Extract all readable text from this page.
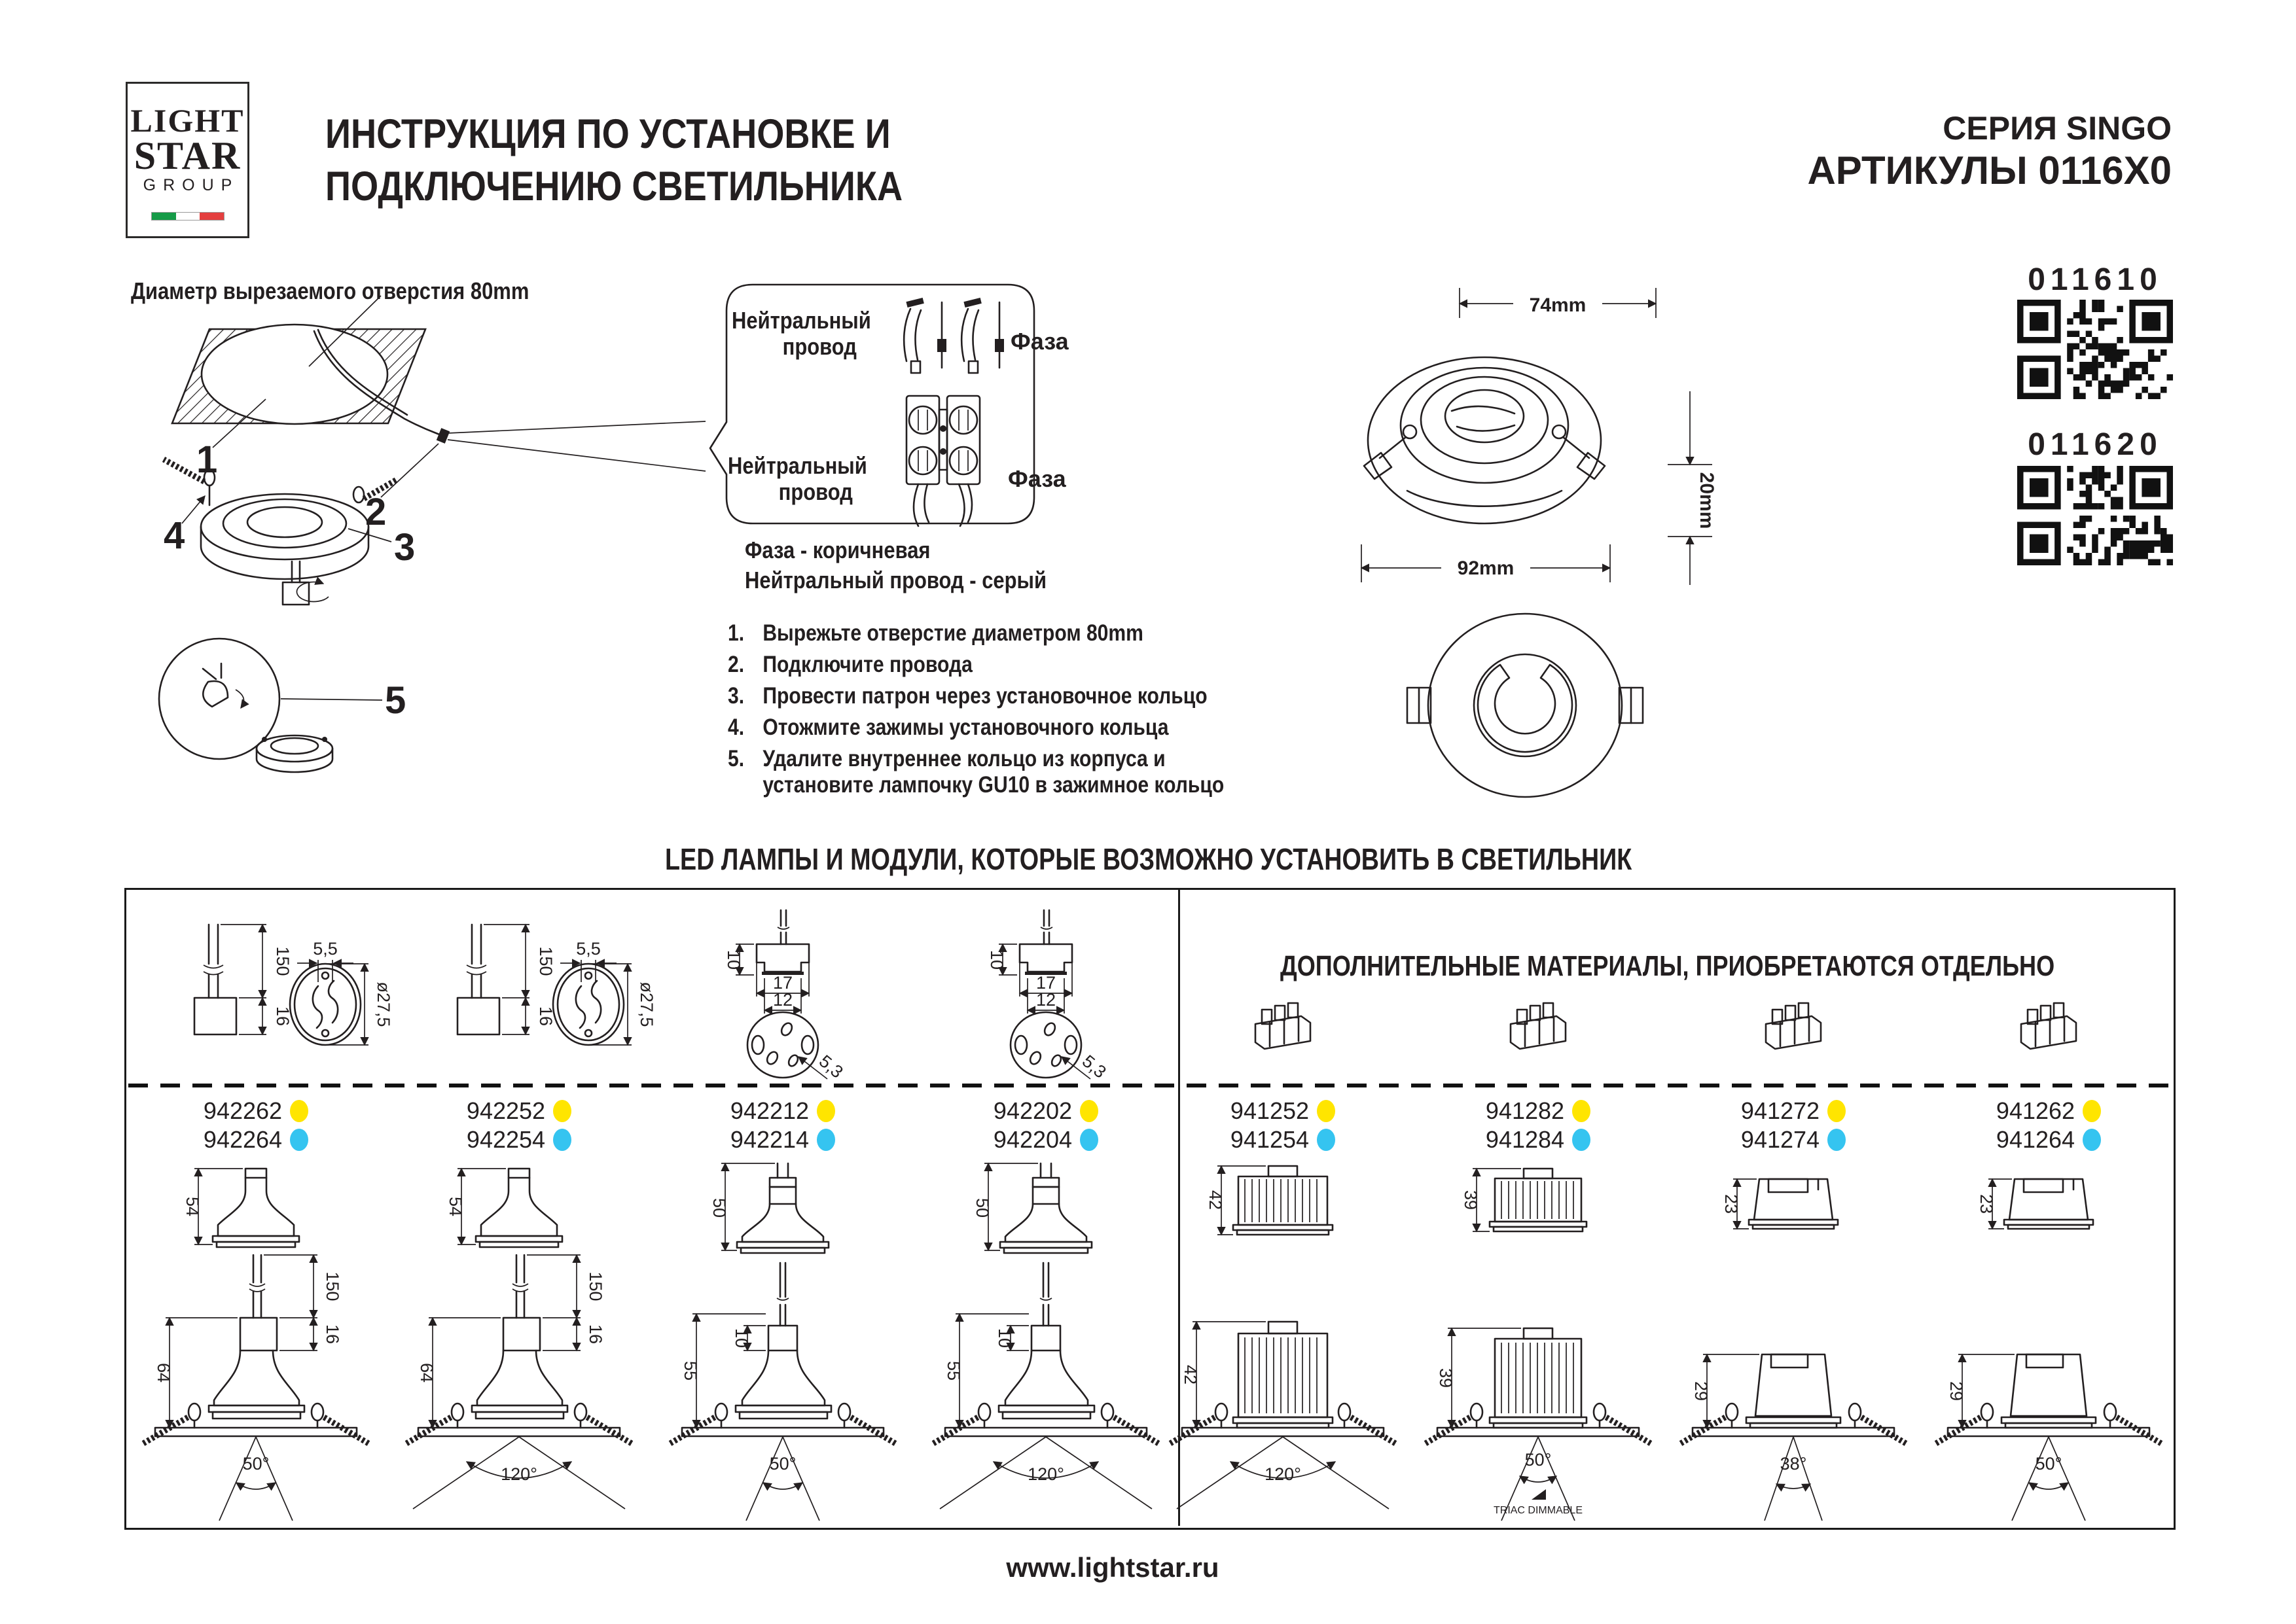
LIGHT
STAR
GROUP
ИНСТРУКЦИЯ ПО УСТАНОВКЕ И
ПОДКЛЮЧЕНИЮ СВЕТИЛЬНИКА
СЕРИЯ SINGO
АРТИКУЛЫ 0116X0
Диаметр вырезаемого отверстия 80mm
1
2
4	3
5
Нейтральный провод	Фаза
Нейтральный провод	Фаза
Фаза - коричневая
Нейтральный провод - серый
1. Вырежьте отверстие диаметром 80mm
2. Подключите провода
3. Провести патрон через установочное кольцо
4. Отожмите зажимы установочного кольца
5. Удалите внутреннее кольцо из корпуса и установите лампочку GU10 в зажимное кольцо
74mm
20mm
92mm
011610
011620
LED ЛАМПЫ И МОДУЛИ, КОТОРЫЕ ВОЗМОЖНО УСТАНОВИТЬ В СВЕТИЛЬНИК
ДОПОЛНИТЕЛЬНЫЕ МАТЕРИАЛЫ, ПРИОБРЕТАЮТСЯ ОТДЕЛЬНО
150
16
5,5
ø27,5
942262
942264
54
150
16
64
50°
150
16
5,5
ø27,5
942252
942254
54
150
16
64
120°
10
17
12
5,3
942212
942214
50
10
55
50°
10
17
12
5,3
942202
942204
50
10
55
120°
941252
941254
42
42
120°
941282
941284
39
39
50°
TRIAC DIMMABLE
941272
941274
23
29
38°
941262
941264
23
29
50°
www.lightstar.ru
